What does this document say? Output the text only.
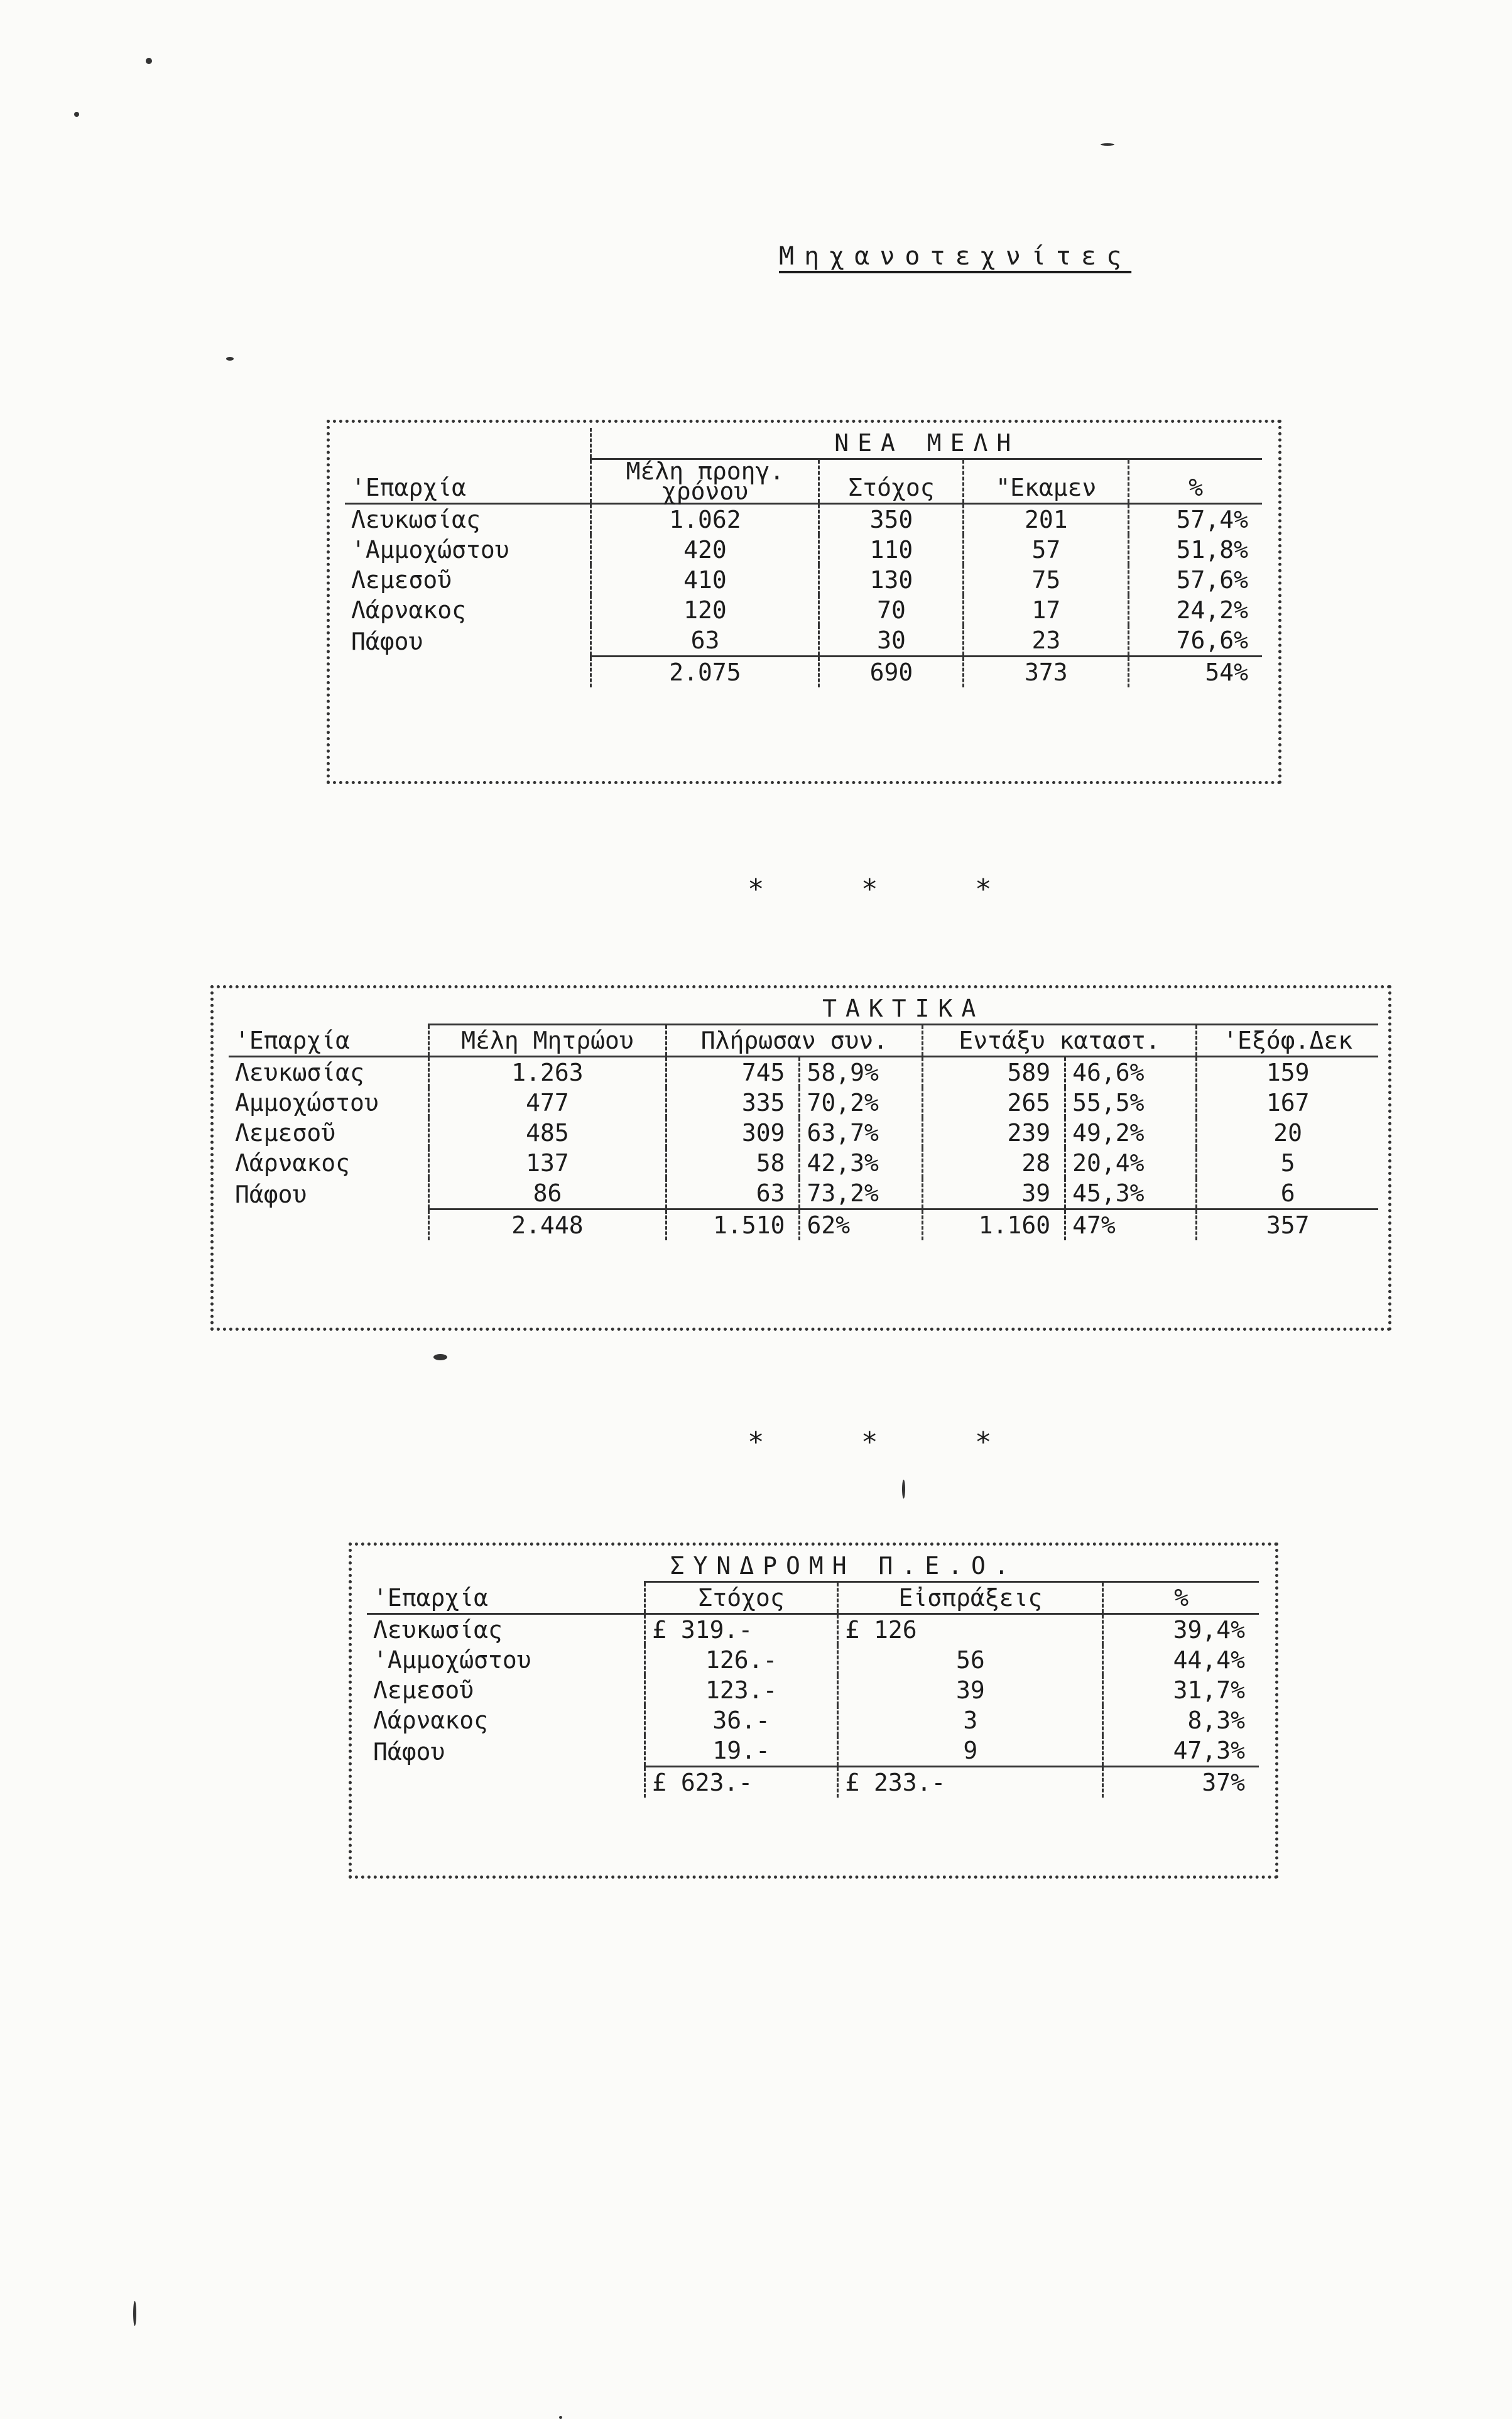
Μηχανοτεχνίτες
	ΝΕΑ ΜΕΛΗ			
'Επαρχία	Μέλη προηγ. χρόνου	Στόχος	"Εκαμεν	%
Λευκωσίας	1.062	350	201	57,4%
'Αμμοχώστου	420	110	57	51,8%
Λεμεσοῦ	410	130	75	57,6%
Λάρνακος	120	70	17	24,2%
Πάφου	63	30	23	76,6%
	2.075	690	373	54%
* * *
	ΤΑΚΤΙΚΑ					
'Επαρχία	Μέλη Μητρώου	Πλήρωσαν συν.		Εντάξυ καταστ.		'Εξόφ.Δεκ
Λευκωσίας	1.263	745	58,9%	589	46,6%	159
Αμμοχώστου	477	335	70,2%	265	55,5%	167
Λεμεσοῦ	485	309	63,7%	239	49,2%	20
Λάρνακος	137	58	42,3%	28	20,4%	5
Πάφου	86	63	73,2%	39	45,3%	6
	2.448	1.510	62%	1.160	47%	357
* * *
	ΣΥΝΔΡΟΜΗ Π.Ε.Ο.		
'Επαρχία	Στόχος	Εἰσπράξεις	%
Λευκωσίας	£ 319.-	£ 126	39,4%
'Αμμοχώστου	126.-	56	44,4%
Λεμεσοῦ	123.-	39	31,7%
Λάρνακος	36.-	3	8,3%
Πάφου	19.-	9	47,3%
	£ 623.-	£ 233.-	37%
